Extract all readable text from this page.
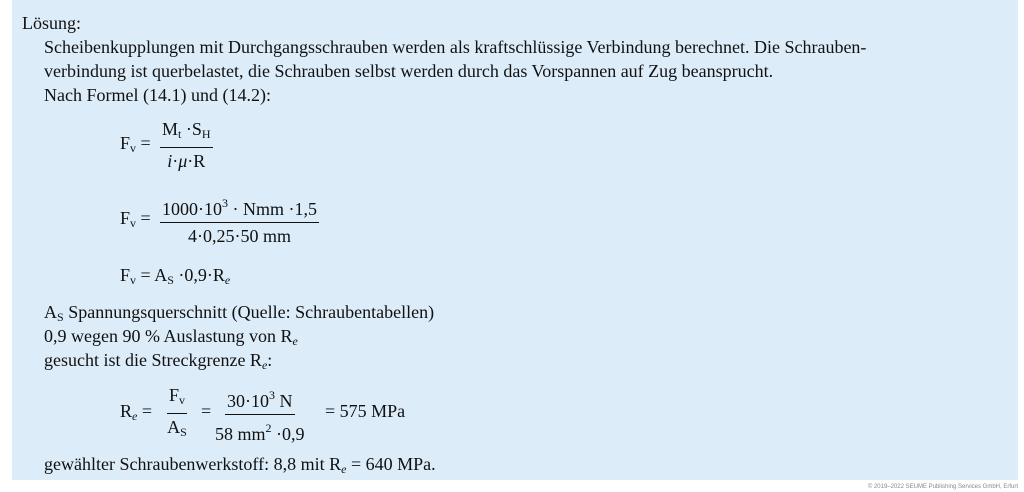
Lösung:
Scheibenkupplungen mit Durchgangsschrauben werden als kraftschlüssige Verbindung berechnet. Die Schrauben-
verbindung ist querbelastet, die Schrauben selbst werden durch das Vorspannen auf Zug beansprucht.
Nach Formel (14.1) und (14.2):
$F_v = \frac{M_t \cdot S_H}{i\cdot\mu\cdot R}$
$F_v = 1000\cdot 10^3$ · Nmm ·1,5
4·0,25·50 mm
$F_v = A_S \cdot 0,9\cdot R_e$
$A_S$ Spannungsquerschnitt (Quelle: Schraubentabellen)
0,9 wegen 90 % Auslastung von $R_e$
gesucht ist die Streckgrenze $R_e$:
$R_e = \frac{F_v}{A_S} = \frac{30\cdot 10^3 N}{58 mm^2 \cdot 0,9} = 575$ MPa
gewählter Schraubenwerkstoff: 8,8 mit $R_e = 640$ MPa.
© 2019–2022 SEUME Publishing Services GmbH, Erfurt
